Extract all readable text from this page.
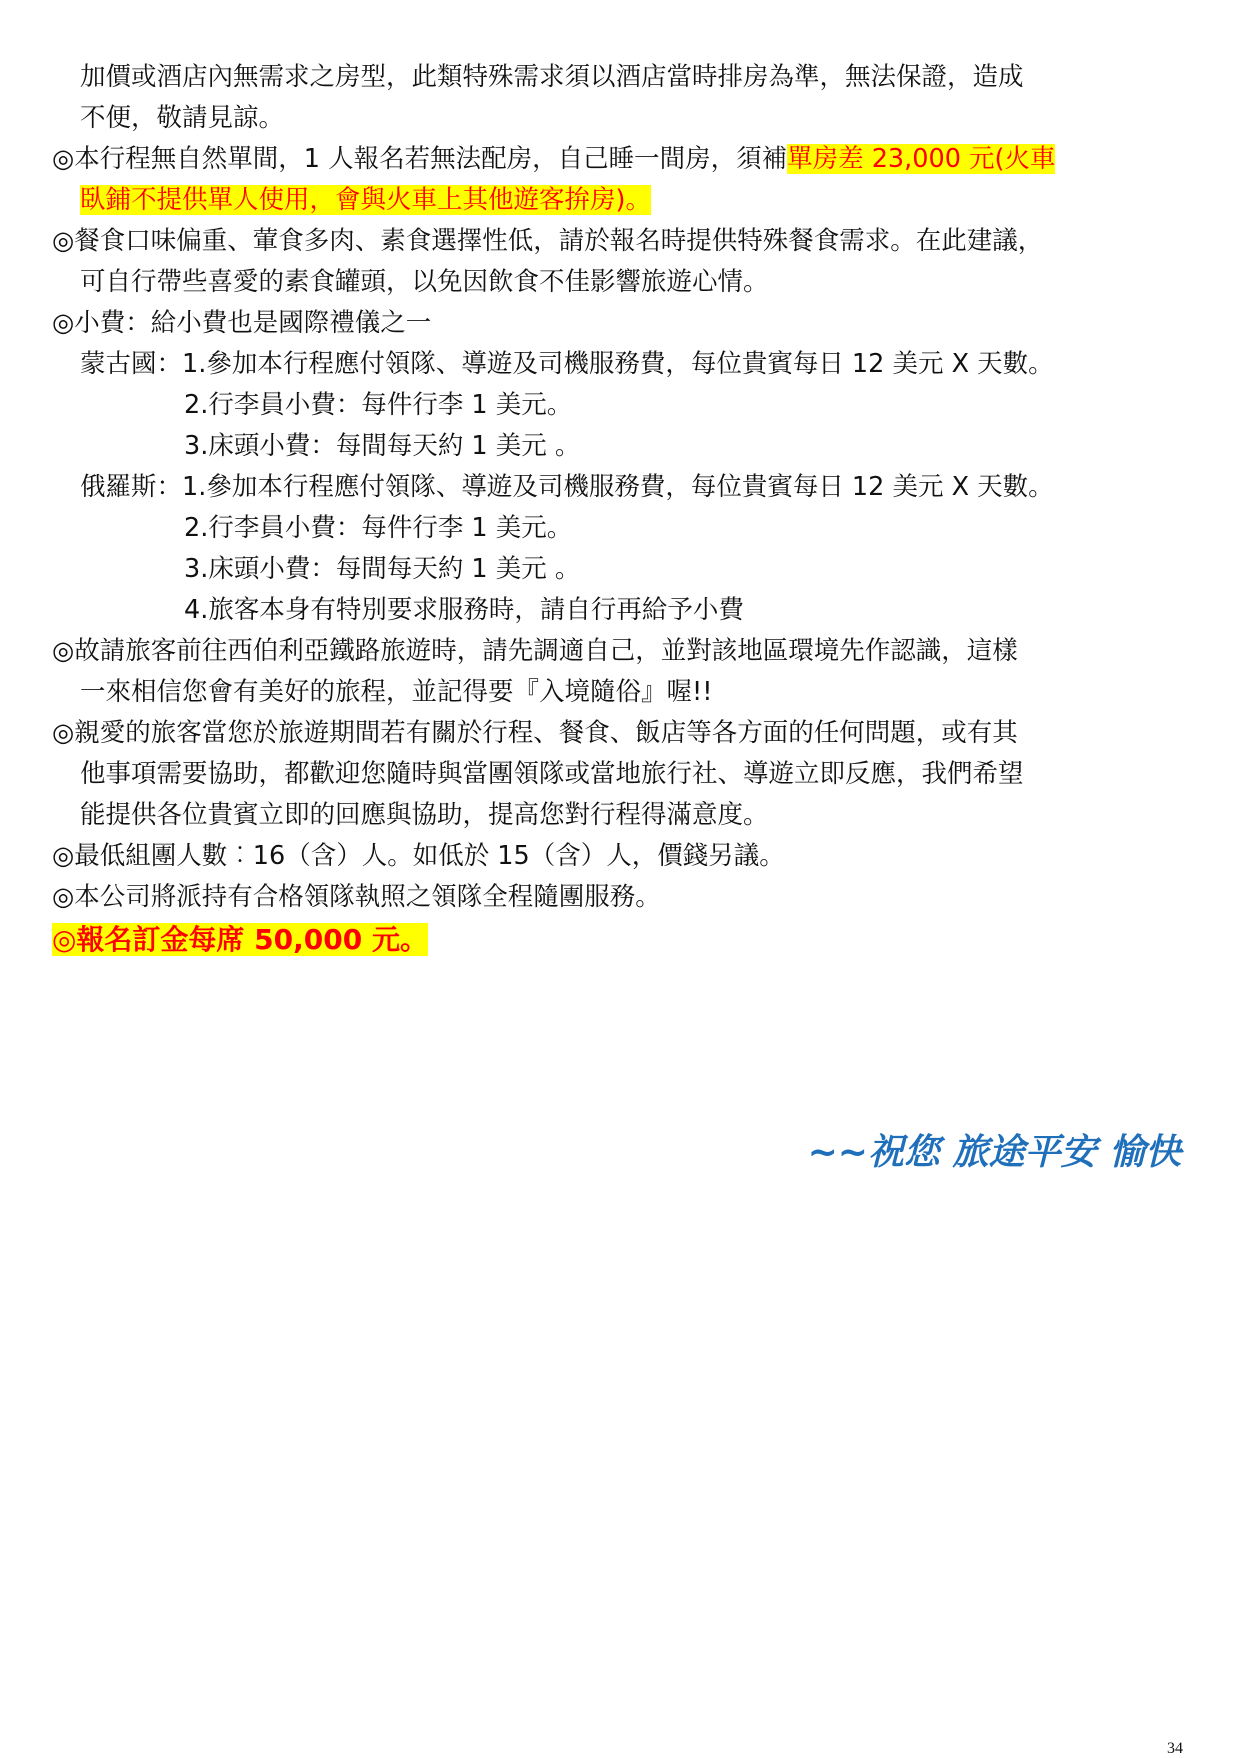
加價或酒店內無需求之房型，此類特殊需求須以酒店當時排房為準，無法保證，造成
不便，敬請見諒。
◎本行程無自然單間，1 人報名若無法配房，自己睡一間房，須補單房差 23,000 元(火車
臥鋪不提供單人使用，會與火車上其他遊客拚房)。
◎餐食口味偏重、葷食多肉、素食選擇性低，請於報名時提供特殊餐食需求。在此建議，
可自行帶些喜愛的素食罐頭，以免因飲食不佳影響旅遊心情。
◎小費：給小費也是國際禮儀之一
蒙古國：1.參加本行程應付領隊、導遊及司機服務費，每位貴賓每日 12 美元 X 天數。
2.行李員小費：每件行李 1 美元。
3.床頭小費：每間每天約 1 美元 。
俄羅斯：1.參加本行程應付領隊、導遊及司機服務費，每位貴賓每日 12 美元 X 天數。
2.行李員小費：每件行李 1 美元。
3.床頭小費：每間每天約 1 美元 。
4.旅客本身有特別要求服務時，請自行再給予小費
◎故請旅客前往西伯利亞鐵路旅遊時，請先調適自己，並對該地區環境先作認識，這樣
一來相信您會有美好的旅程，並記得要『入境隨俗』喔!!
◎親愛的旅客當您於旅遊期間若有關於行程、餐食、飯店等各方面的任何問題，或有其
他事項需要協助，都歡迎您隨時與當團領隊或當地旅行社、導遊立即反應，我們希望
能提供各位貴賓立即的回應與協助，提高您對行程得滿意度。
◎最低組團人數︰16（含）人。如低於 15（含）人，價錢另議。
◎本公司將派持有合格領隊執照之領隊全程隨團服務。
◎報名訂金每席 50,000 元。
~~祝您 旅途平安 愉快
34
